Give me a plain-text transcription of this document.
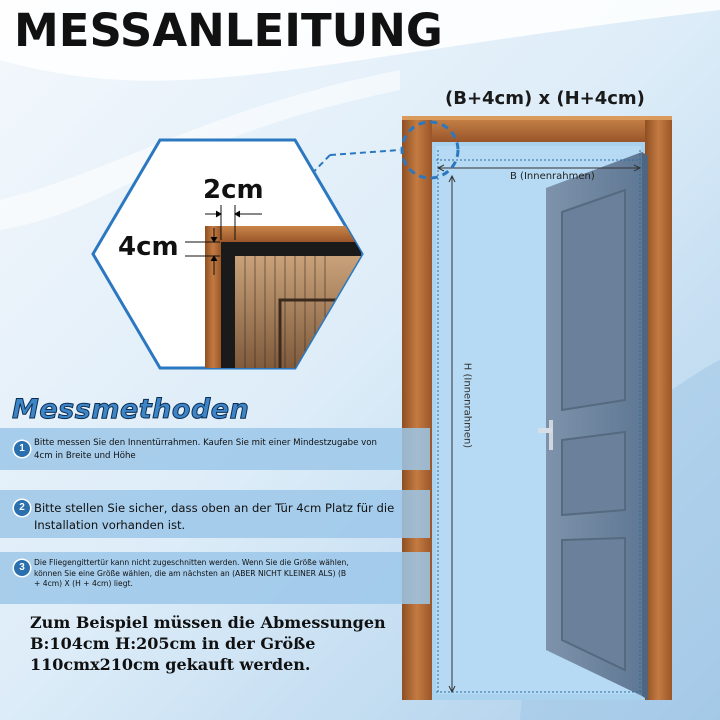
MESSANLEITUNG
(B+4cm) x (H+4cm)
B (Innenrahmen)
H (Innenrahmen)
2cm
4cm
Messmethoden
1	Bitte messen Sie den Innentürrahmen. Kaufen Sie mit einer Mindestzugabe von 4cm in Breite und Höhe
2 Bitte stellen Sie sicher, dass oben an der Tür 4cm Platz für die Installation vorhanden ist.
3	Die Fliegengittertür kann nicht zugeschnitten werden. Wenn Sie die Größe wählen, können Sie eine Größe wählen, die am nächsten an (ABER NICHT KLEINER ALS) (B + 4cm) X (H + 4cm) liegt.
Zum Beispiel müssen die Abmessungen B:104cm H:205cm in der Größe 110cmx210cm gekauft werden.
